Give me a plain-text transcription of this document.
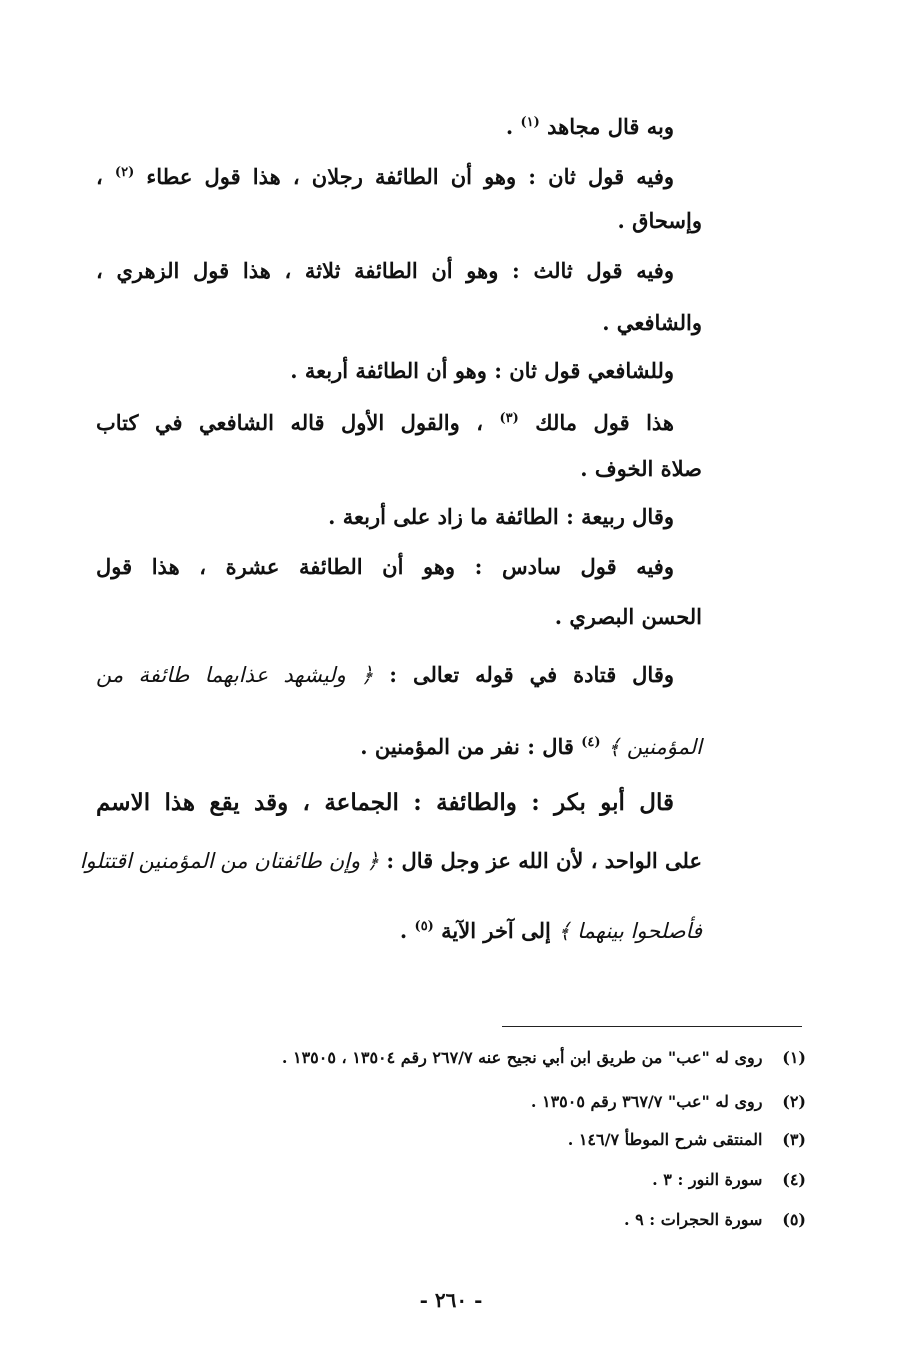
وبه قال مجاهد $^{(١)}$ .
وفيه قول ثان : وهو أن الطائفة رجلان ، هذا قول عطاء $^{(٢)}$ ،
وإسحاق .
وفيه قول ثالث : وهو أن الطائفة ثلاثة ، هذا قول الزهري ،
والشافعي .
وللشافعي قول ثان : وهو أن الطائفة أربعة .
هذا قول مالك $^{(٣)}$ ، والقول الأول قاله الشافعي في كتاب
صلاة الخوف .
وقال ربيعة : الطائفة ما زاد على أربعة .
وفيه قول سادس : وهو أن الطائفة عشرة ، هذا قول
الحسن البصري .
وقال قتادة في قوله تعالى : ﴿ وليشهد عذابهما طائفة من
المؤمنين ﴾ $^{(٤)}$ قال : نفر من المؤمنين .
قال أبو بكر : والطائفة : الجماعة ، وقد يقع هذا الاسم
على الواحد ، لأن الله عز وجل قال : ﴿ وإن طائفتان من المؤمنين اقتتلوا
فأصلحوا بينهما ﴾ إلى آخر الآية $^{(٥)}$ .
(١) روى له "عب" من طريق ابن أبي نجيح عنه ٢٦٧/٧ رقم ١٣٥٠٤ ، ١٣٥٠٥ .
(٢) روى له "عب" ٣٦٧/٧ رقم ١٣٥٠٥ .
(٣) المنتقى شرح الموطأ ١٤٦/٧ .
(٤) سورة النور : ٣ .
(٥) سورة الحجرات : ٩ .
- ٢٦٠ -
